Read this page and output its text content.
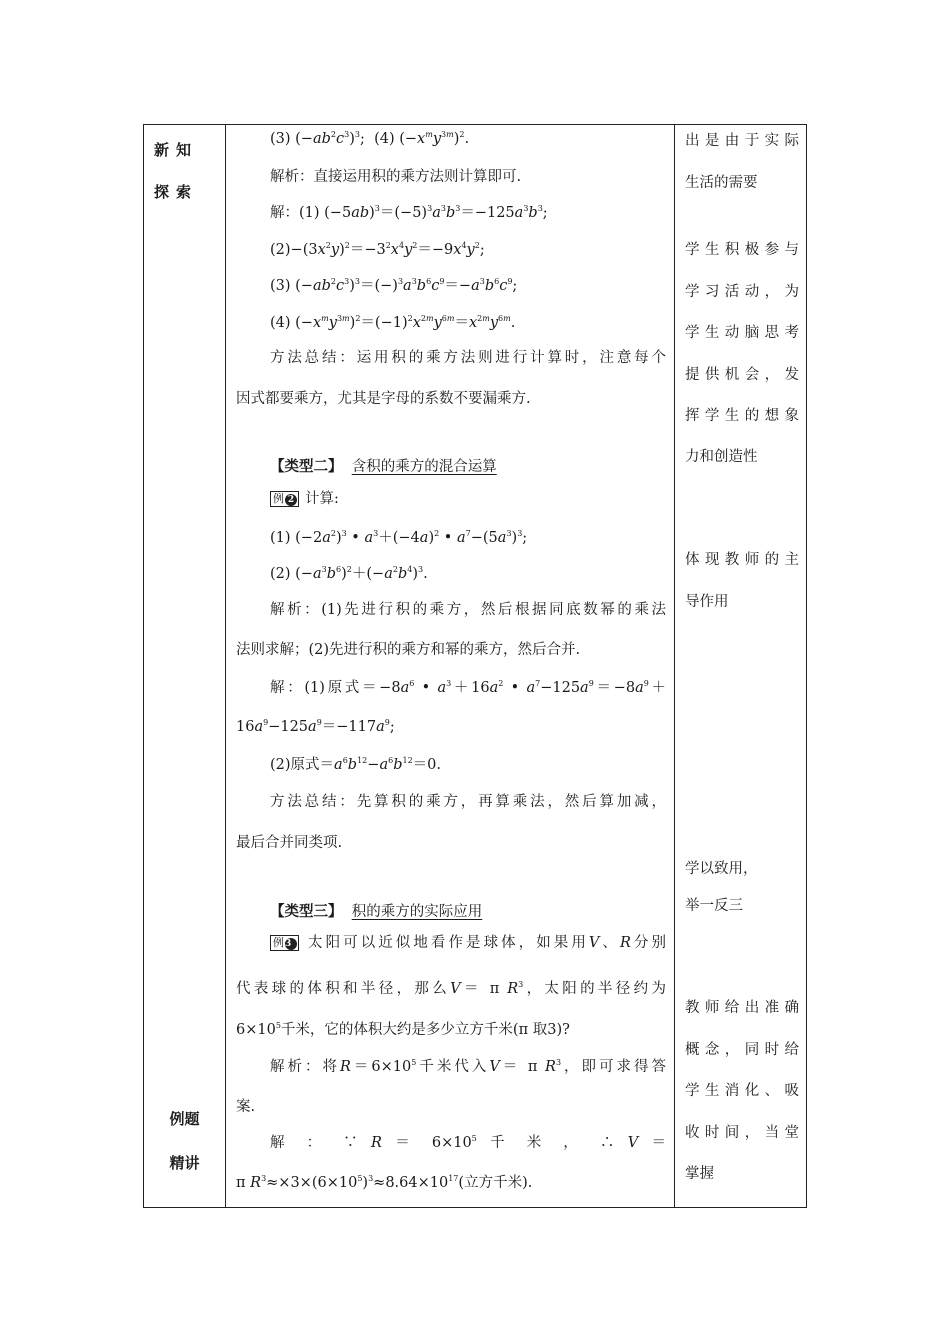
新知探索
例题
精讲
(3) $(-ab^2c^3)^3$;  (4) $(-x^my^{3m})^2$.
解析：直接运用积的乘方法则计算即可.
解：(1) $(-5ab)^3=(-5)^3a^3b^3=-125a^3b^3$;
$(2)-(3x^2y)^2=-3^2x^4y^2=-9x^4y^2$;
(3) $(-ab^2c^3)^3=(-)^3a^3b^6c^9=-a^3b^6c^9$;
(4) $(-x^my^{3m})^2=(-1)^2x^{2m}y^{6m}=x^{2m}y^{6m}$.
方法总结：运用积的乘方法则进行计算时，注意每个
因式都要乘方，尤其是字母的系数不要漏乘方.
【类型二】 含积的乘方的混合运算
例 2 计算:
(1) $(-2a^2)^3$ • $a^3+(-4a)^2$ • $a^7-(5a^3)^3$;
(2) $(-a^3b^6)^2+(-a^2b^4)^3$.
解析：(1)先进行积的乘方，然后根据同底数幂的乘法
法则求解；(2)先进行积的乘方和幂的乘方，然后合并.
解：(1)原式$=-8a^6$ • $a^3+16a^2$ • $a^7-125a^9=-8a^9+$
$16a^9-125a^9=-117a^9$;
(2)原式$=a^6b^{12}-a^6b^{12}=0$.
方法总结：先算积的乘方，再算乘法，然后算加减，
最后合并同类项.
【类型三】 积的乘方的实际应用
例3 太阳可以近似地看作是球体，如果用V、R分别
代表球的体积和半径，那么V＝ π $R^3$，太阳的半径约为
$6\times 10^5$千米，它的体积大约是多少立方千米(π 取3)?
解析：将$R=6\times 10^5$千米代入V＝ π $R^3$，即可求得答
案.
解 ： ∵ $R = 6\times 10^5$ 千 米 ， ∴ V ＝
π $R^3\approx\times 3\times(6\times 10^5)^3\approx 8.64\times 10^{17}$(立方千米).
出是由于实际
生活的需要
学生积极参与
学习活动，为
学生动脑思考
提供机会，发
挥学生的想象
力和创造性
体现教师的主
导作用
学以致用，
举一反三
教师给出准确
概念，同时给
学生消化、吸
收时间，当堂
掌握
